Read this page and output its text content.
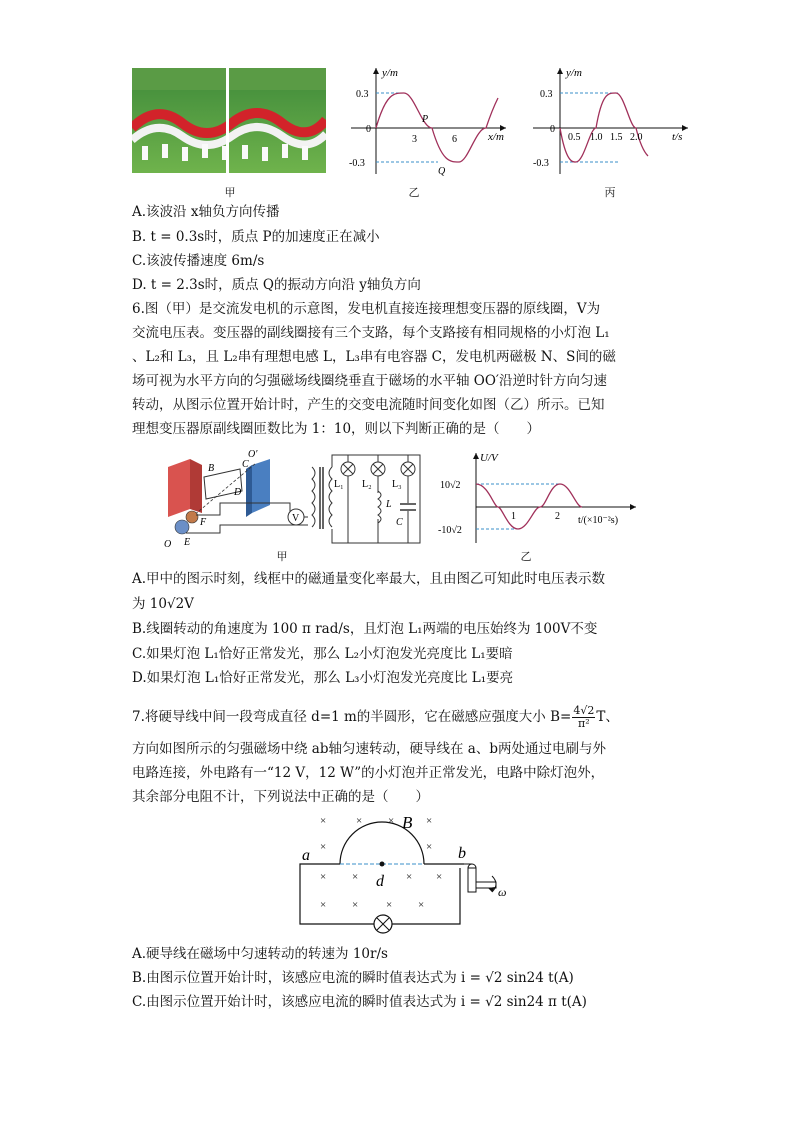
甲
y/m
x/m
0.3
-0.3
0
3	6
P
Q
乙
y/m
t/s
0.3
-0.3
0
0.5 1.0 1.5 2.0
丙
A.该波沿 x轴负方向传播
B. t = 0.3s时，质点 P的加速度正在减小
C.该波传播速度 6m/s
D. t = 2.3s时，质点 Q的振动方向沿 y轴负方向
6.图（甲）是交流发电机的示意图，发电机直接连接理想变压器的原线圈，V为
交流电压表。变压器的副线圈接有三个支路，每个支路接有相同规格的小灯泡 L₁
、L₂和 L₃，且 L₂串有理想电感 L，L₃串有电容器 C，发电机两磁极 N、S间的磁
场可视为水平方向的匀强磁场线圈绕垂直于磁场的水平轴 OO′沿逆时针方向匀速
转动，从图示位置开始计时，产生的交变电流随时间变化如图（乙）所示。已知
理想变压器原副线圈匝数比为 1：10，则以下判断正确的是（　　）
V
B	C
D
O′
O E
F
L₁ L₂ L₃
L
C
甲
U/V
10√2
-10√2
1	2 t/(×10⁻²s)
乙
A.甲中的图示时刻，线框中的磁通量变化率最大，且由图乙可知此时电压表示数
为 10√2V
B.线圈转动的角速度为 100 π rad/s，且灯泡 L₁两端的电压始终为 100V不变
C.如果灯泡 L₁恰好正常发光，那么 L₂小灯泡发光亮度比 L₁要暗
D.如果灯泡 L₁恰好正常发光，那么 L₃小灯泡发光亮度比 L₁要亮
7.将硬导线中间一段弯成直径 d=1 m的半圆形，它在磁感应强度大小 $B= \frac{4√2}{\text{π²}}$ T、
方向如图所示的匀强磁场中绕 ab轴匀速转动，硬导线在 a、b两处通过电刷与外
电路连接，外电路有一“12 V，12 W”的小灯泡并正常发光，电路中除灯泡外，
其余部分电阻不计，下列说法中正确的是（　　）
×	× ×	×
×	×
× ×	× ×
× ×	× ×
B
a	b
d
ω
A.硬导线在磁场中匀速转动的转速为 10r/s
B.由图示位置开始计时，该感应电流的瞬时值表达式为 i = √2 sin24 t(A)
C.由图示位置开始计时，该感应电流的瞬时值表达式为 i = √2 sin24 π t(A)
